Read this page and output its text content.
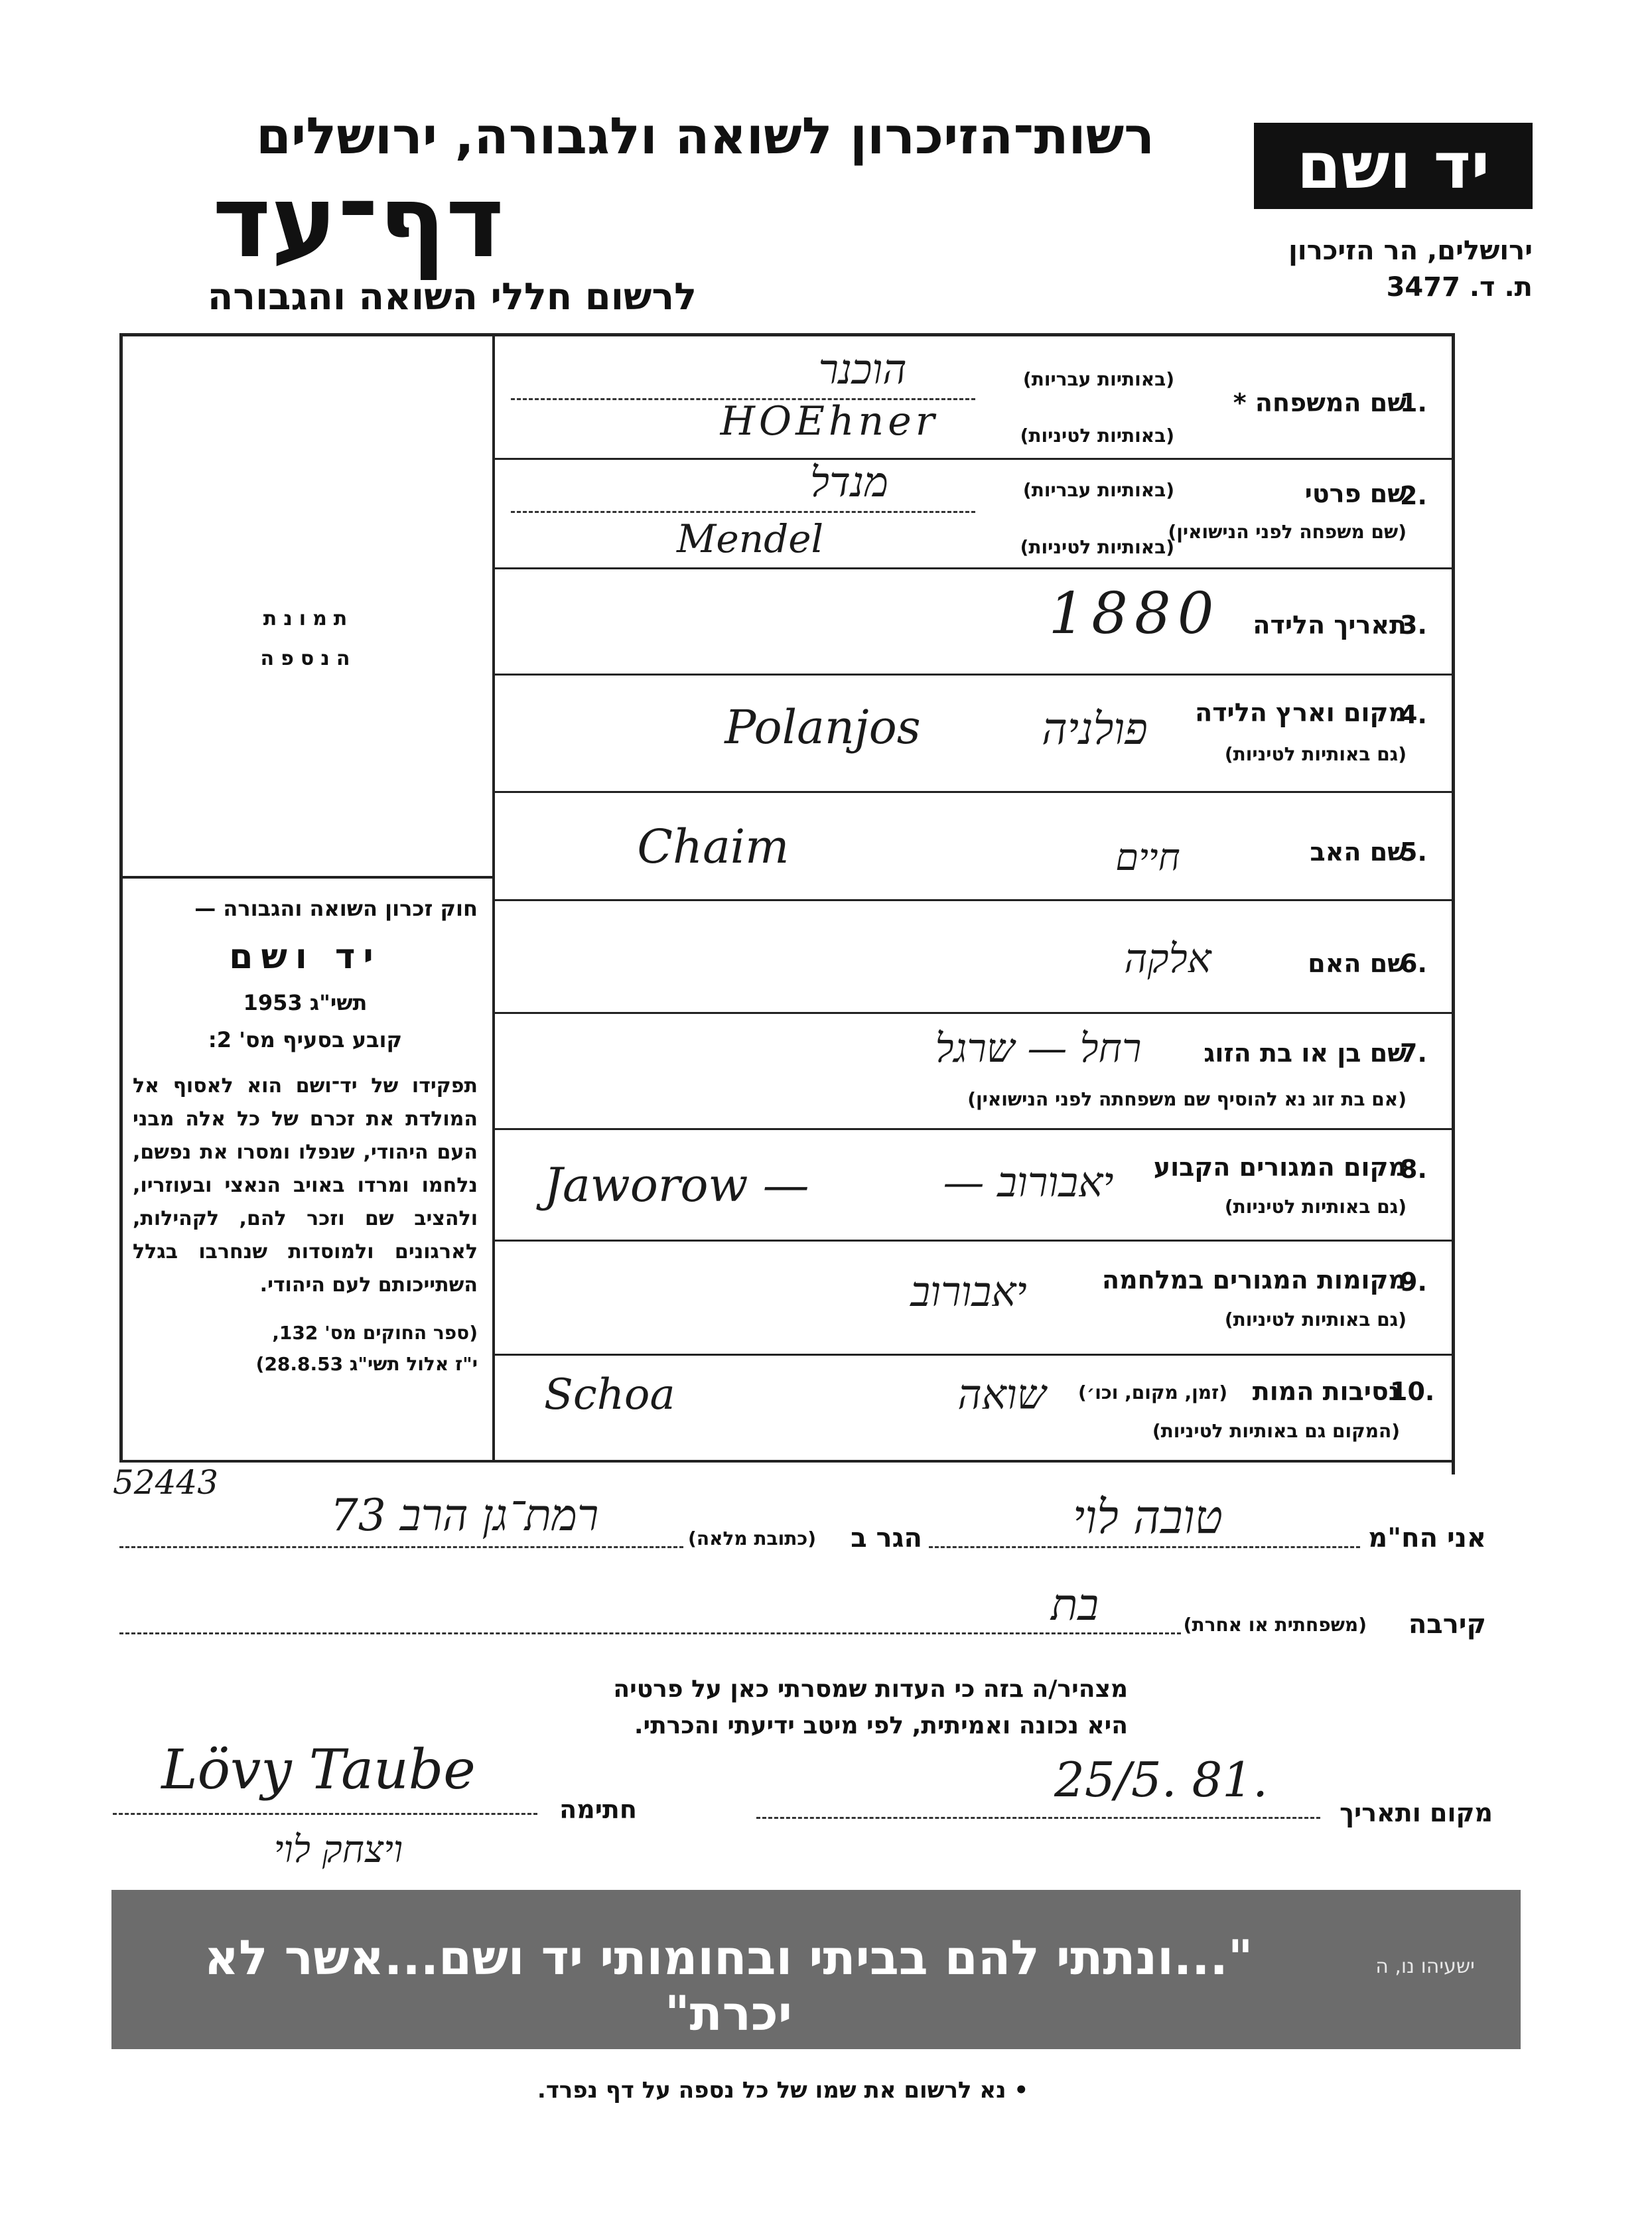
רשות־הזיכרון לשואה ולגבורה, ירושלים
דף־עד
לרשום חללי השואה והגבורה
יד ושם
ירושלים, הר הזיכרון
ת. ד. 3477
תמונת
הנספה

חוק זכרון השואה והגבורה —

יד ושם

תשי"ג 1953

קובע בסעיף מס' 2:

תפקידו של יד־ושם הוא לאסוף אל המולדת את זכרם של כל אלה מבני העם היהודי, שנפלו ומסרו את נפשם, נלחמו ומרדו באויב הנאצי ובעוזריו, ולהציב שם וזכר להם, לקהילות, לארגונים ולמוסדות שנחרבו בגלל השתייכותם לעם היהודי.

(ספר החוקים מס' 132,

י"ז אלול תשי"ג 28.8.53)

1.
שם המשפחה *
(באותיות עבריות)
(באותיות לטיניות)
הוכנר
HOEhner
2.
שם פרטי
(שם משפחה לפני הנישואין)
(באותיות עבריות)
(באותיות לטיניות)
מנדל
Mendel
3.
תאריך הלידה
1880
4.
מקום וארץ הלידה
(גם באותיות לטיניות)
פולניה
Polanjos
5.
שם האב
חיים
Chaim
6.
שם האם
אלקה
7.
שם בן או בת הזוג
(אם בת זוג נא להוסיף שם משפחתה לפני הנישואין)
רחל — שרגל
8.
מקום המגורים הקבוע
(גם באותיות לטיניות)
יאבורוב —
Jaworow —
9.
מקומות המגורים במלחמה
(גם באותיות לטיניות)
יאבורוב
10.
נסיבות המות
(זמן, מקום, וכו׳)
(המקום גם באותיות לטיניות)
שואה
Schoa
52443
אני הח"מ
טובה לוי
הגר ב
(כתובת מלאה)
רמת־גן הרב 73
קירבה
(משפחתית או אחרת)
בת
מצהיר/ה בזה כי העדות שמסרתי כאן על פרטיה
היא נכונה ואמיתית, לפי מיטב ידיעתי והכרתי.
מקום ותאריך
25/5. 81.
חתימה
Lövy Taube
ויצחק לוי
ישעיהו נו, ה
"...ונתתי להם בביתי ובחומותי יד ושם...אשר לא יכרת"
• נא לרשום את שמו של כל נספה על דף נפרד.
